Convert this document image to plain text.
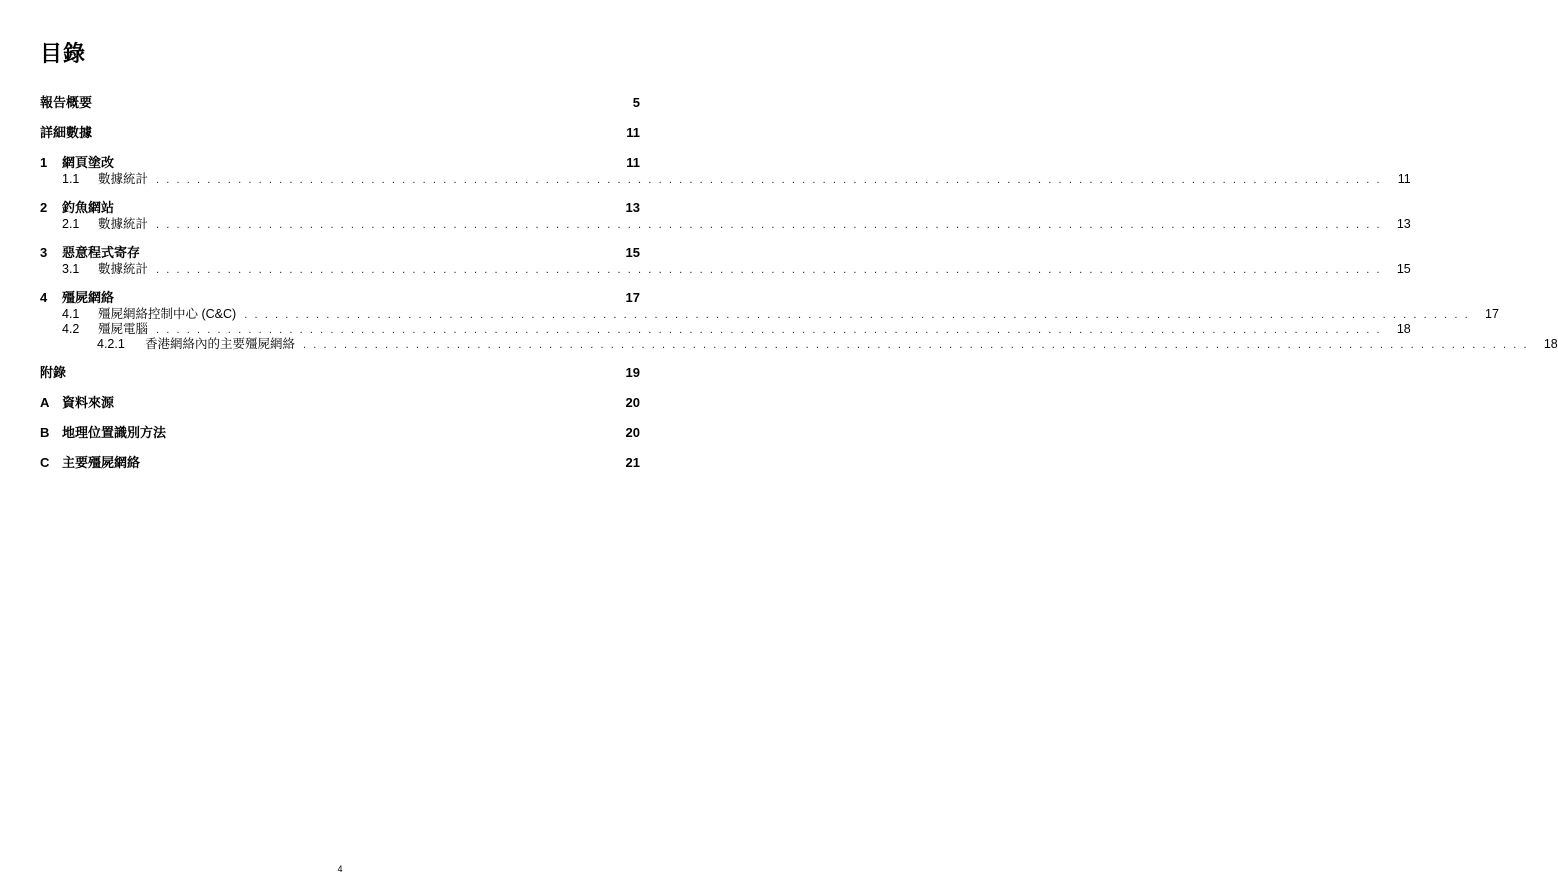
目錄
報告概要	5
詳細數據	11
1	網頁塗改	11
1.1	數據統計 ........................................................................................................................ 11
2	釣魚網站	13
2.1	數據統計 ........................................................................................................................ 13
3	惡意程式寄存	15
3.1	數據統計 ........................................................................................................................ 15
4	殭屍網絡	17
4.1	殭屍網絡控制中心 (C&C) ........................................................................................................................ 17
4.2	殭屍電腦 ........................................................................................................................ 18
4.2.1	香港網絡內的主要殭屍網絡 ........................................................................................................................ 18
附錄	19
A 資料來源	20
B 地理位置識別方法	20
C 主要殭屍網絡	21
4
